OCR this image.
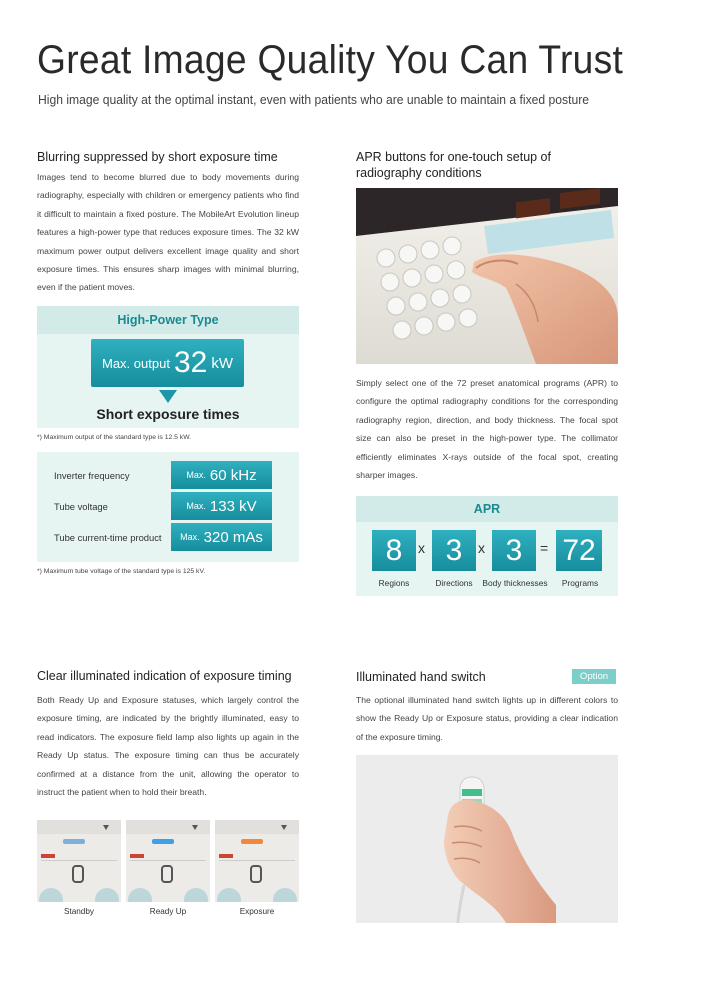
Great Image Quality You Can Trust
High image quality at the optimal instant, even with patients who are unable to maintain a fixed posture
Blurring suppressed by short exposure time

Images tend to become blurred due to body movements during radiography, especially with children or emergency patients who find it difficult to maintain a fixed posture. The MobileArt Evolution lineup features a high-power type that reduces exposure times. The 32 kW maximum power output delivers excellent image quality and short exposure times. This ensures sharp images with minimal blurring, even if the patient moves.

High-Power Type
Max. output 32 kW
Short exposure times
*) Maximum output of the standard type is 12.5 kW.
Inverter frequency	Max. 60 kHz
Tube voltage	Max. 133 kV
Tube current-time product Max. 320 mAs
*) Maximum tube voltage of the standard type is 125 kV.
APR buttons for one-touch setup of radiography conditions

Simply select one of the 72 preset anatomical programs (APR) to configure the optimal radiography conditions for the corresponding radiography region, direction, and body thickness. The focal spot size can also be preset in the high-power type. The collimator efficiently eliminates X-rays outside of the focal spot, creating sharper images.

APR
8	x 3	x 3	= 72
Regions	Directions	Body thicknesses	Programs
Clear illuminated indication of exposure timing

Both Ready Up and Exposure statuses, which largely control the exposure timing, are indicated by the brightly illuminated, easy to read indicators. The exposure field lamp also lights up again in the Ready Up status. The exposure timing can thus be accurately confirmed at a distance from the unit, allowing the operator to instruct the patient when to hold their breath.

Standby	Ready Up	Exposure
Illuminated hand switch	Option

The optional illuminated hand switch lights up in different colors to show the Ready Up or Exposure status, providing a clear indication of the exposure timing.
